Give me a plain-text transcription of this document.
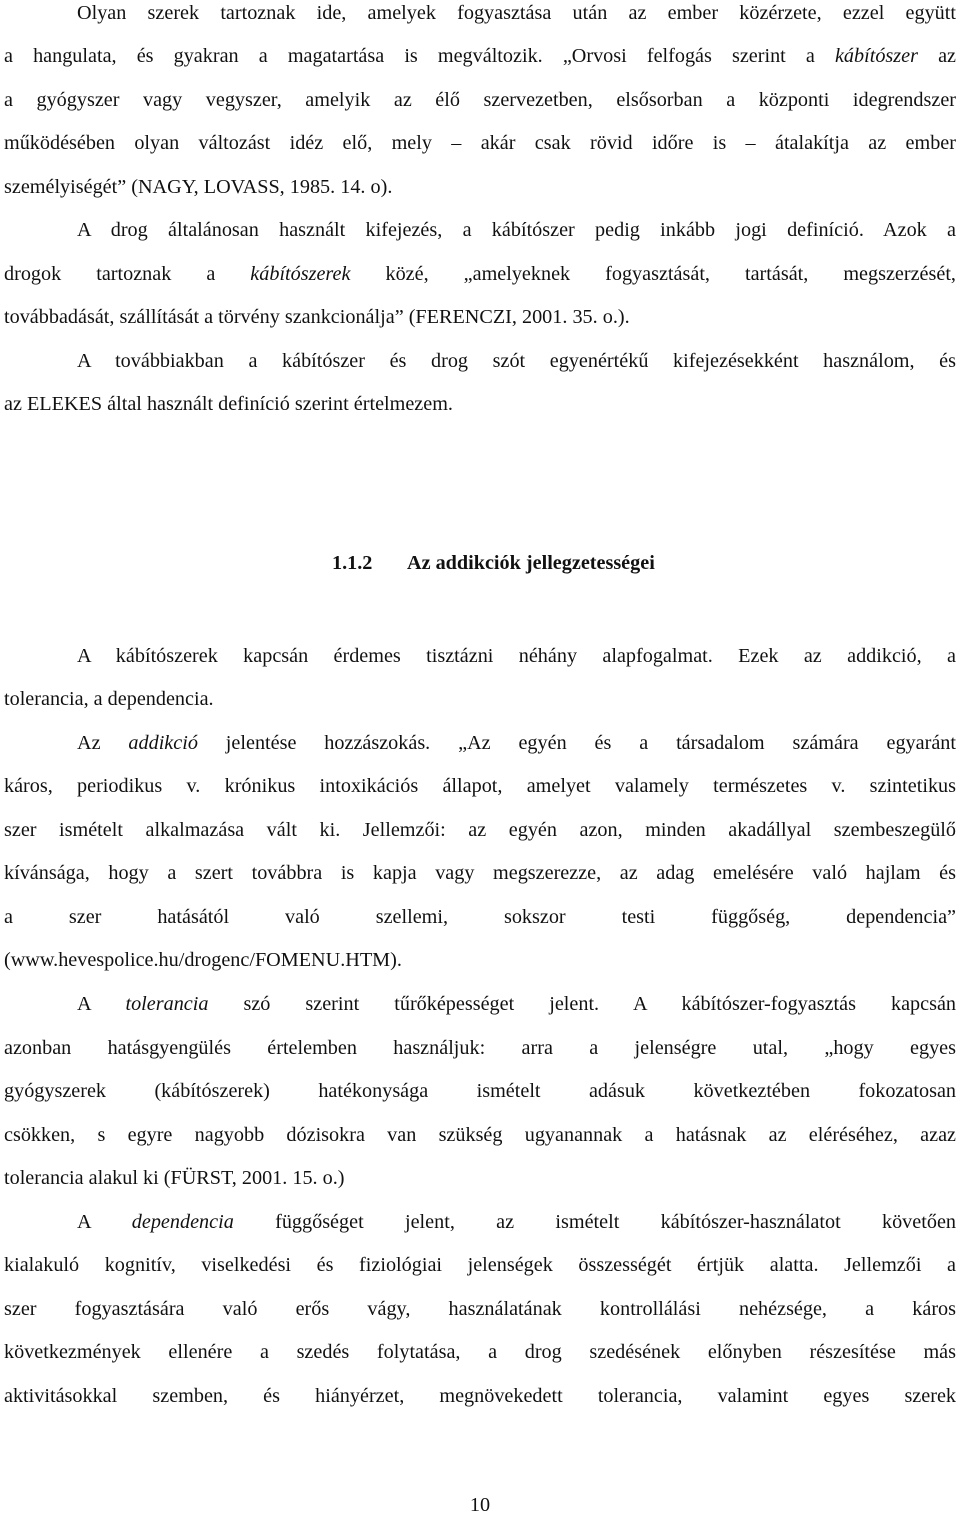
Olyan szerek tartoznak ide, amelyek fogyasztása után az ember közérzete, ezzel együtt
a hangulata, és gyakran a magatartása is megváltozik. „Orvosi felfogás szerint a kábítószer az
a gyógyszer vagy vegyszer, amelyik az élő szervezetben, elsősorban a központi idegrendszer
működésében olyan változást idéz elő, mely – akár csak rövid időre is – átalakítja az ember
személyiségét” (NAGY, LOVASS, 1985. 14. o).
A drog általánosan használt kifejezés, a kábítószer pedig inkább jogi definíció. Azok a
drogok tartoznak a kábítószerek közé, „amelyeknek fogyasztását, tartását, megszerzését,
továbbadását, szállítását a törvény szankcionálja” (FERENCZI, 2001. 35. o.).
A továbbiakban a kábítószer és drog szót egyenértékű kifejezésekként használom, és
az ELEKES által használt definíció szerint értelmezem.
1.1.2 Az addikciók jellegzetességei
A kábítószerek kapcsán érdemes tisztázni néhány alapfogalmat. Ezek az addikció, a
tolerancia, a dependencia.
Az addikció jelentése hozzászokás. „Az egyén és a társadalom számára egyaránt
káros, periodikus v. krónikus intoxikációs állapot, amelyet valamely természetes v. szintetikus
szer ismételt alkalmazása vált ki. Jellemzői: az egyén azon, minden akadállyal szembeszegülő
kívánsága, hogy a szert továbbra is kapja vagy megszerezze, az adag emelésére való hajlam és
a szer hatásától való szellemi, sokszor testi függőség, dependencia”
(www.hevespolice.hu/drogenc/FOMENU.HTM).
A tolerancia szó szerint tűrőképességet jelent. A kábítószer-fogyasztás kapcsán
azonban hatásgyengülés értelemben használjuk: arra a jelenségre utal, „hogy egyes
gyógyszerek (kábítószerek) hatékonysága ismételt adásuk következtében fokozatosan
csökken, s egyre nagyobb dózisokra van szükség ugyanannak a hatásnak az eléréséhez, azaz
tolerancia alakul ki (FÜRST, 2001. 15. o.)
A dependencia függőséget jelent, az ismételt kábítószer-használatot követően
kialakuló kognitív, viselkedési és fiziológiai jelenségek összességét értjük alatta. Jellemzői a
szer fogyasztására való erős vágy, használatának kontrollálási nehézsége, a káros
következmények ellenére a szedés folytatása, a drog szedésének előnyben részesítése más
aktivitásokkal szemben, és hiányérzet, megnövekedett tolerancia, valamint egyes szerek
10
